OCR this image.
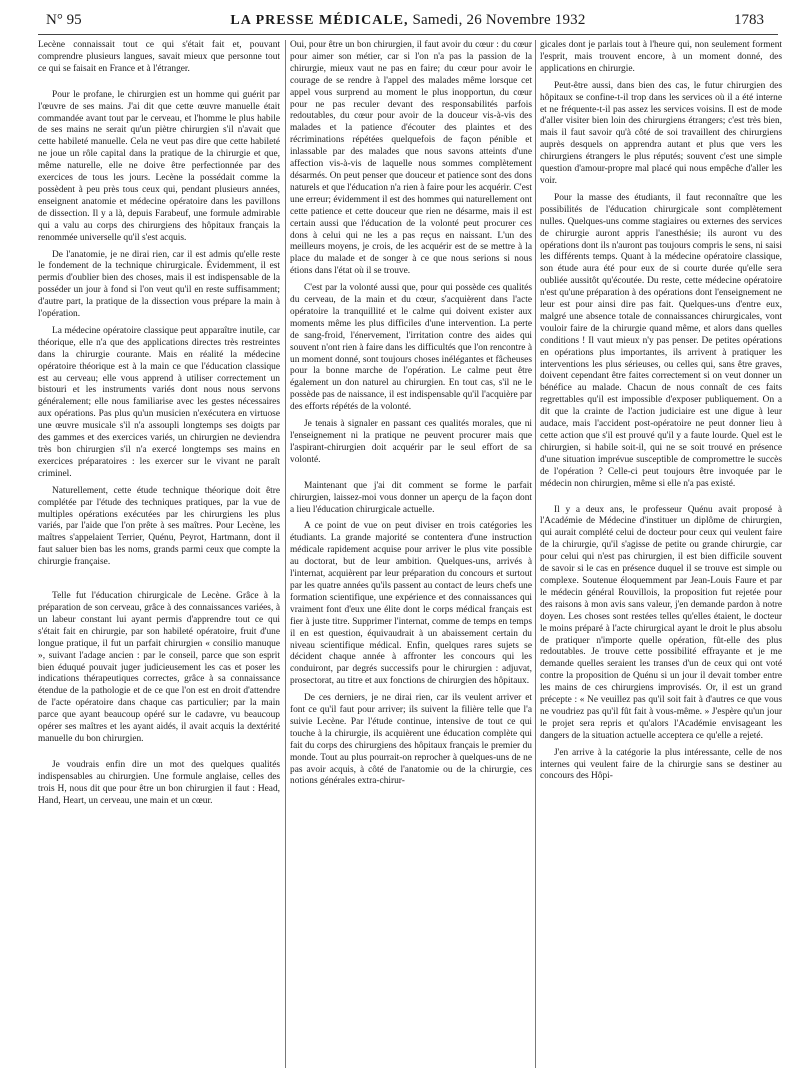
N° 95	LA PRESSE MÉDICALE, Samedi, 26 Novembre 1932	1783

Lecène connaissait tout ce qui s'était fait et, pouvant comprendre plusieurs langues, savait mieux que personne tout ce qui se faisait en France et à l'étranger.

Pour le profane, le chirurgien est un homme qui guérit par l'œuvre de ses mains. J'ai dit que cette œuvre manuelle était commandée avant tout par le cerveau, et l'homme le plus habile de ses mains ne serait qu'un piètre chirurgien s'il n'avait que cette habileté manuelle. Cela ne veut pas dire que cette habileté ne joue un rôle capital dans la pratique de la chirurgie et que, même naturelle, elle ne doive être perfectionnée par des exercices de tous les jours. Lecène la possédait comme la possèdent à peu près tous ceux qui, pendant plusieurs années, enseignent anatomie et médecine opératoire dans les pavillons de dissection. Il y a là, depuis Farabeuf, une formule admirable qui a valu au corps des chirurgiens des hôpitaux français la renommée universelle qu'il s'est acquis.

De l'anatomie, je ne dirai rien, car il est admis qu'elle reste le fondement de la technique chirurgicale. Évidemment, il est permis d'oublier bien des choses, mais il est indispensable de la posséder un jour à fond si l'on veut qu'il en reste suffisamment; d'autre part, la pratique de la dissection vous prépare la main à l'opération.

La médecine opératoire classique peut apparaître inutile, car théorique, elle n'a que des applications directes très restreintes dans la chirurgie courante. Mais en réalité la médecine opératoire théorique est à la main ce que l'éducation classique est au cerveau; elle vous apprend à utiliser correctement un bistouri et les instruments variés dont nous nous servons généralement; elle nous familiarise avec les gestes nécessaires aux opérations. Pas plus qu'un musicien n'exécutera en virtuose une œuvre musicale s'il n'a assoupli longtemps ses doigts par des gammes et des exercices variés, un chirurgien ne deviendra très bon chirurgien s'il n'a exercé longtemps ses mains en exercices préparatoires : les exercer sur le vivant ne paraît criminel.

Naturellement, cette étude technique théorique doit être complétée par l'étude des techniques pratiques, par la vue de multiples opérations exécutées par les chirurgiens les plus variés, par l'aide que l'on prête à ses maîtres. Pour Lecène, les maîtres s'appelaient Terrier, Quénu, Peyrot, Hartmann, dont il faut saluer bien bas les noms, grands parmi ceux que compte la chirurgie française.

Telle fut l'éducation chirurgicale de Lecène. Grâce à la préparation de son cerveau, grâce à des connaissances variées, à un labeur constant lui ayant permis d'apprendre tout ce qui s'était fait en chirurgie, par son habileté opératoire, fruit d'une longue pratique, il fut un parfait chirurgien « consilio manuque », suivant l'adage ancien : par le conseil, parce que son esprit bien éduqué pouvait juger judicieusement les cas et poser les indications thérapeutiques correctes, grâce à sa connaissance étendue de la pathologie et de ce que l'on est en droit d'attendre de l'acte opératoire dans chaque cas particulier; par la main parce que ayant beaucoup opéré sur le cadavre, vu beaucoup opérer ses maîtres et les ayant aidés, il avait acquis la dextérité manuelle du bon chirurgien.

Je voudrais enfin dire un mot des quelques qualités indispensables au chirurgien. Une formule anglaise, celles des trois H, nous dit que pour être un bon chirurgien il faut : Head, Hand, Heart, un cerveau, une main et un cœur.

Oui, pour être un bon chirurgien, il faut avoir du cœur : du cœur pour aimer son métier, car si l'on n'a pas la passion de la chirurgie, mieux vaut ne pas en faire; du cœur pour avoir le courage de se rendre à l'appel des malades même lorsque cet appel vous surprend au moment le plus inopportun, du cœur pour ne pas reculer devant des responsabilités parfois redoutables, du cœur pour avoir de la douceur vis-à-vis des malades et la patience d'écouter des plaintes et des récriminations répétées quelquefois de façon pénible et inlassable par des malades que nous savons atteints d'une affection vis-à-vis de laquelle nous sommes complètement désarmés. On peut penser que douceur et patience sont des dons naturels et que l'éducation n'a rien à faire pour les acquérir. C'est une erreur; évidemment il est des hommes qui naturellement ont cette patience et cette douceur que rien ne désarme, mais il est certain aussi que l'éducation de la volonté peut procurer ces dons à celui qui ne les a pas reçus en naissant. L'un des meilleurs moyens, je crois, de les acquérir est de se mettre à la place du malade et de songer à ce que nous serions si nous étions dans l'état où il se trouve.

C'est par la volonté aussi que, pour qui possède ces qualités du cerveau, de la main et du cœur, s'acquièrent dans l'acte opératoire la tranquillité et le calme qui doivent exister aux moments même les plus difficiles d'une intervention. La perte de sang-froid, l'énervement, l'irritation contre des aides qui souvent n'ont rien à faire dans les difficultés que l'on rencontre à un moment donné, sont toujours choses inélégantes et fâcheuses pour la bonne marche de l'opération. Le calme peut être également un don naturel au chirurgien. En tout cas, s'il ne le possède pas de naissance, il est indispensable qu'il l'acquière par des efforts répétés de la volonté.

Je tenais à signaler en passant ces qualités morales, que ni l'enseignement ni la pratique ne peuvent procurer mais que l'aspirant-chirurgien doit acquérir par le seul effort de sa volonté.

Maintenant que j'ai dit comment se forme le parfait chirurgien, laissez-moi vous donner un aperçu de la façon dont a lieu l'éducation chirurgicale actuelle.

A ce point de vue on peut diviser en trois catégories les étudiants. La grande majorité se contentera d'une instruction médicale rapidement acquise pour arriver le plus vite possible au doctorat, but de leur ambition. Quelques-uns, arrivés à l'internat, acquièrent par leur préparation du concours et surtout par les quatre années qu'ils passent au contact de leurs chefs une formation scientifique, une expérience et des connaissances qui vraiment font d'eux une élite dont le corps médical français est fier à juste titre. Supprimer l'internat, comme de temps en temps il en est question, équivaudrait à un abaissement certain du niveau scientifique médical. Enfin, quelques rares sujets se décident chaque année à affronter les concours qui les conduiront, par degrés successifs pour le chirurgien : adjuvat, prosectorat, au titre et aux fonctions de chirurgien des hôpitaux.

De ces derniers, je ne dirai rien, car ils veulent arriver et font ce qu'il faut pour arriver; ils suivent la filière telle que l'a suivie Lecène. Par l'étude continue, intensive de tout ce qui touche à la chirurgie, ils acquièrent une éducation complète qui fait du corps des chirurgiens des hôpitaux français le premier du monde. Tout au plus pourrait-on reprocher à quelques-uns de ne pas avoir acquis, à côté de l'anatomie ou de la chirurgie, ces notions générales extra-chirur-

gicales dont je parlais tout à l'heure qui, non seulement forment l'esprit, mais trouvent encore, à un moment donné, des applications en chirurgie.

Peut-être aussi, dans bien des cas, le futur chirurgien des hôpitaux se confine-t-il trop dans les services où il a été interne et ne fréquente-t-il pas assez les services voisins. Il est de mode d'aller visiter bien loin des chirurgiens étrangers; c'est très bien, mais il faut savoir qu'à côté de soi travaillent des chirurgiens auprès desquels on apprendra autant et plus que vers les chirurgiens étrangers le plus réputés; souvent c'est une simple question d'amour-propre mal placé qui nous empêche d'aller les voir.

Pour la masse des étudiants, il faut reconnaître que les possibilités de l'éducation chirurgicale sont complètement nulles. Quelques-uns comme stagiaires ou externes des services de chirurgie auront appris l'anesthésie; ils auront vu des opérations dont ils n'auront pas toujours compris le sens, ni saisi les différents temps. Quant à la médecine opératoire classique, son étude aura été pour eux de si courte durée qu'elle sera oubliée aussitôt qu'écoutée. Du reste, cette médecine opératoire n'est qu'une préparation à des opérations dont l'enseignement ne leur est pour ainsi dire pas fait. Quelques-uns d'entre eux, malgré une absence totale de connaissances chirurgicales, vont vouloir faire de la chirurgie quand même, et alors dans quelles conditions ! Il vaut mieux n'y pas penser. De petites opérations en opérations plus importantes, ils arrivent à pratiquer les interventions les plus sérieuses, ou celles qui, sans être graves, doivent cependant être faites correctement si on veut donner un bénéfice au malade. Chacun de nous connaît de ces faits regrettables qu'il est impossible d'exposer publiquement. On a dit que la crainte de l'action judiciaire est une digue à leur audace, mais l'accident post-opératoire ne peut donner lieu à cette action que s'il est prouvé qu'il y a faute lourde. Quel est le chirurgien, si habile soit-il, qui ne se soit trouvé en présence d'une situation imprévue susceptible de compromettre le succès de l'opération ? Celle-ci peut toujours être invoquée par le médecin non chirurgien, même si elle n'a pas existé.

Il y a deux ans, le professeur Quénu avait proposé à l'Académie de Médecine d'instituer un diplôme de chirurgien, qui aurait complété celui de docteur pour ceux qui veulent faire de la chirurgie, qu'il s'agisse de petite ou grande chirurgie, car pour celui qui n'est pas chirurgien, il est bien difficile souvent de savoir si le cas en présence duquel il se trouve est simple ou complexe. Soutenue éloquemment par Jean-Louis Faure et par le médecin général Rouvillois, la proposition fut rejetée pour des raisons à mon avis sans valeur, j'en demande pardon à notre doyen. Les choses sont restées telles qu'elles étaient, le docteur le moins préparé à l'acte chirurgical ayant le droit le plus absolu de pratiquer n'importe quelle opération, fût-elle des plus redoutables. Je trouve cette possibilité effrayante et je me demande quelles seraient les transes d'un de ceux qui ont voté contre la proposition de Quénu si un jour il devait tomber entre les mains de ces chirurgiens improvisés. Or, il est un grand précepte : « Ne veuillez pas qu'il soit fait à d'autres ce que vous ne voudriez pas qu'il fût fait à vous-même. » J'espère qu'un jour le projet sera repris et qu'alors l'Académie envisageant les dangers de la situation actuelle acceptera ce qu'elle a rejeté.

J'en arrive à la catégorie la plus intéressante, celle de nos internes qui veulent faire de la chirurgie sans se destiner au concours des Hôpi-
